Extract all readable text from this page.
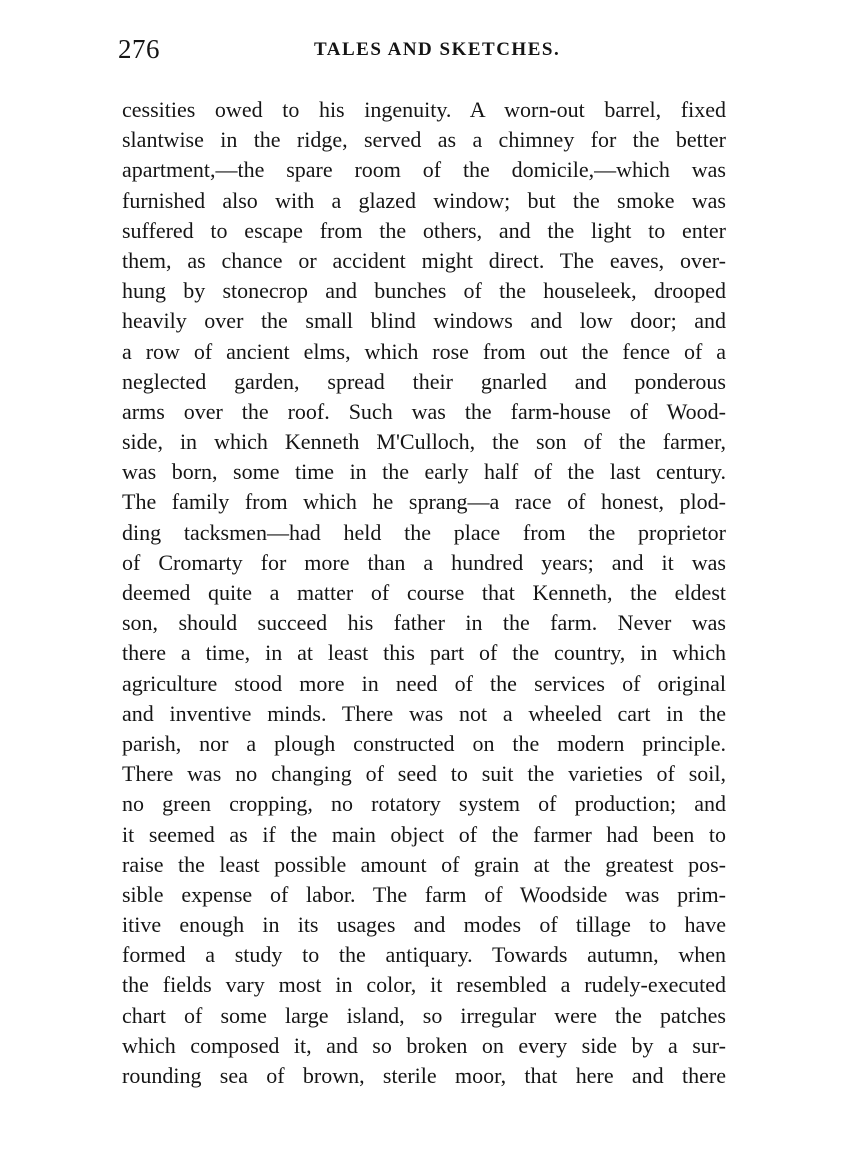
276	TALES AND SKETCHES.
cessities owed to his ingenuity. A worn-out barrel, fixed
slantwise in the ridge, served as a chimney for the better
apartment,—the spare room of the domicile,—which was
furnished also with a glazed window; but the smoke was
suffered to escape from the others, and the light to enter
them, as chance or accident might direct. The eaves, over-
hung by stonecrop and bunches of the houseleek, drooped
heavily over the small blind windows and low door; and
a row of ancient elms, which rose from out the fence of a
neglected garden, spread their gnarled and ponderous
arms over the roof. Such was the farm-house of Wood-
side, in which Kenneth M'Culloch, the son of the farmer,
was born, some time in the early half of the last century.
The family from which he sprang—a race of honest, plod-
ding tacksmen—had held the place from the proprietor
of Cromarty for more than a hundred years; and it was
deemed quite a matter of course that Kenneth, the eldest
son, should succeed his father in the farm. Never was
there a time, in at least this part of the country, in which
agriculture stood more in need of the services of original
and inventive minds. There was not a wheeled cart in the
parish, nor a plough constructed on the modern principle.
There was no changing of seed to suit the varieties of soil,
no green cropping, no rotatory system of production; and
it seemed as if the main object of the farmer had been to
raise the least possible amount of grain at the greatest pos-
sible expense of labor. The farm of Woodside was prim-
itive enough in its usages and modes of tillage to have
formed a study to the antiquary. Towards autumn, when
the fields vary most in color, it resembled a rudely-executed
chart of some large island, so irregular were the patches
which composed it, and so broken on every side by a sur-
rounding sea of brown, sterile moor, that here and there
